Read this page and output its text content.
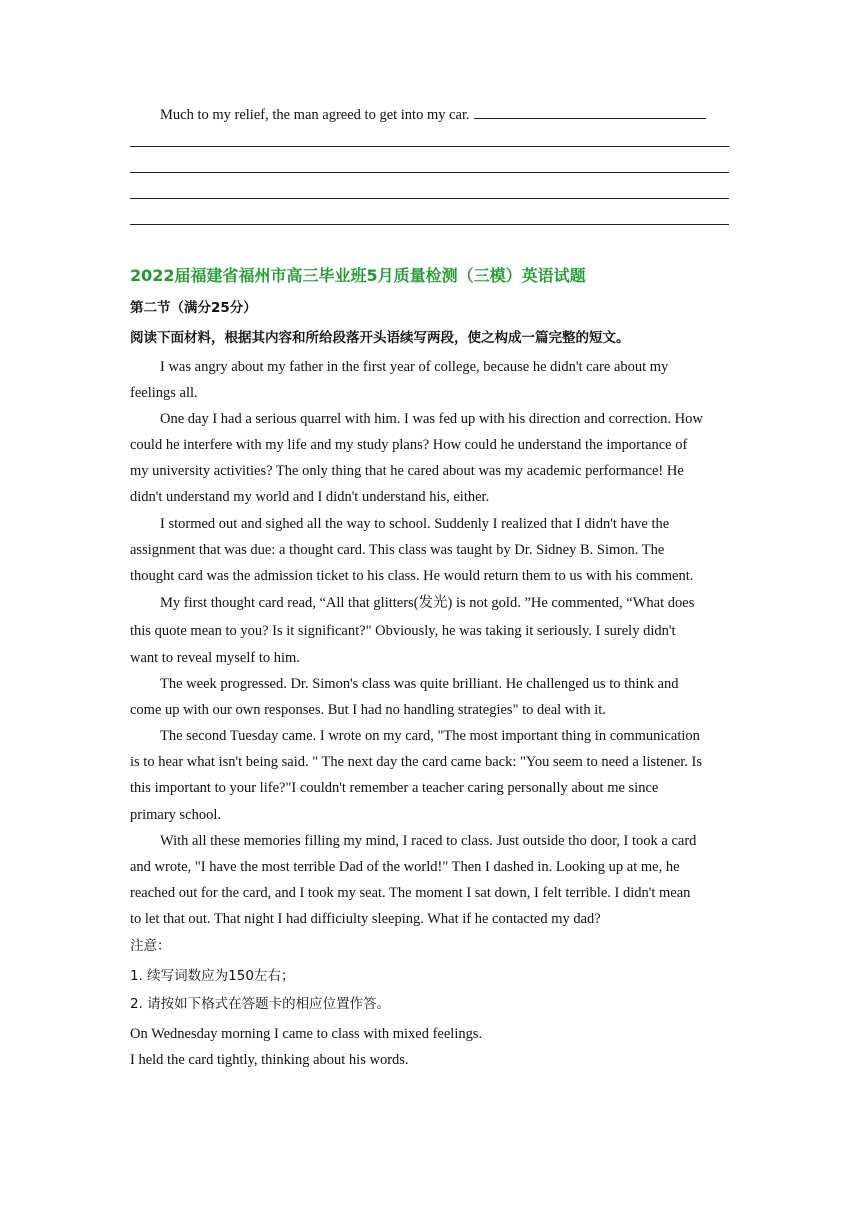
Much to my relief, the man agreed to get into my car.
2022届福建省福州市高三毕业班5月质量检测（三模）英语试题
第二节（满分25分）
阅读下面材料，根据其内容和所给段落开头语续写两段，使之构成一篇完整的短文。
I was angry about my father in the first year of college, because he didn't care about my
feelings all.
One day I had a serious quarrel with him. I was fed up with his direction and correction. How
could he interfere with my life and my study plans? How could he understand the importance of
my university activities? The only thing that he cared about was my academic performance! He
didn't understand my world and I didn't understand his, either.
I stormed out and sighed all the way to school. Suddenly I realized that I didn't have the
assignment that was due: a thought card. This class was taught by Dr. Sidney B. Simon. The
thought card was the admission ticket to his class. He would return them to us with his comment.
My first thought card read, “All that glitters(发光) is not gold. ”He commented, “What does
this quote mean to you? Is it significant?" Obviously, he was taking it seriously. I surely didn't
want to reveal myself to him.
The week progressed. Dr. Simon's class was quite brilliant. He challenged us to think and
come up with our own responses. But I had no handling strategies" to deal with it.
The second Tuesday came. I wrote on my card, "The most important thing in communication
is to hear what isn't being said. " The next day the card came back: "You seem to need a listener. Is
this important to your life?"I couldn't remember a teacher caring personally about me since
primary school.
With all these memories filling my mind, I raced to class. Just outside tho door, I took a card
and wrote, "I have the most terrible Dad of the world!" Then I dashed in. Looking up at me, he
reached out for the card, and I took my seat. The moment I sat down, I felt terrible. I didn't mean
to let that out. That night I had difficiulty sleeping. What if he contacted my dad?
注意：
1. 续写词数应为150左右；
2. 请按如下格式在答题卡的相应位置作答。
On Wednesday morning I came to class with mixed feelings.
I held the card tightly, thinking about his words.
